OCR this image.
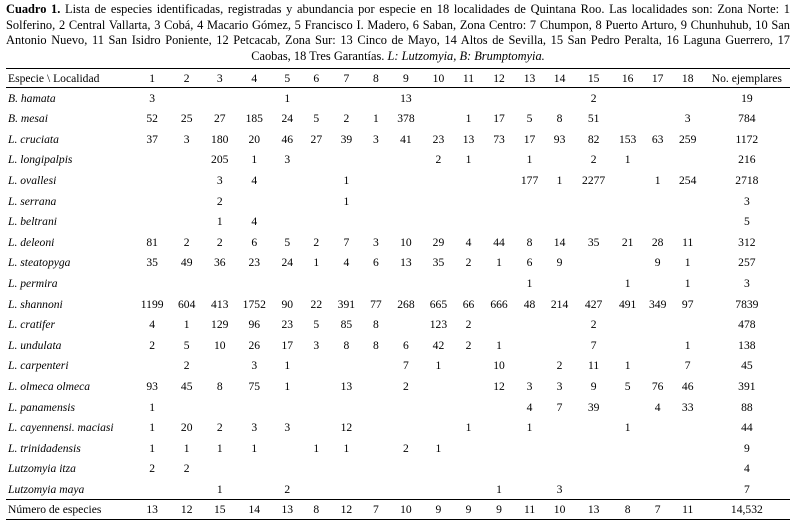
Cuadro 1. Lista de especies identificadas, registradas y abundancia por especie en 18 localidades de Quintana Roo. Las localidades son: Zona Norte: 1 Solferino, 2 Central Vallarta, 3 Cobá, 4 Macario Gómez, 5 Francisco I. Madero, 6 Saban, Zona Centro: 7 Chumpon, 8 Puerto Arturo, 9 Chunhuhub, 10 San Antonio Nuevo, 11 San Isidro Poniente, 12 Petcacab, Zona Sur: 13 Cinco de Mayo, 14 Altos de Sevilla, 15 San Pedro Peralta, 16 Laguna Guerrero, 17 Caobas, 18 Tres Garantías. L: Lutzomyia, B: Brumptomyia.

Especie \ Localidad	1	2	3	4	5	6	7	8	9	10	11	12	13	14	15	16	17	18	No. ejemplares
B. hamata	3				1				13						2				19
B. mesai	52	25	27	185	24	5	2	1	378		1	17	5	8	51			3	784
L. cruciata	37	3	180	20	46	27	39	3	41	23	13	73	17	93	82	153	63	259	1172
L. longipalpis			205	1	3					2	1		1		2	1			216
L. ovallesi			3	4			1						177	1	2277		1	254	2718
L. serrana			2				1												3
L. beltrani			1	4															5
L. deleoni	81	2	2	6	5	2	7	3	10	29	4	44	8	14	35	21	28	11	312
L. steatopyga	35	49	36	23	24	1	4	6	13	35	2	1	6	9			9	1	257
L. permira													1			1		1	3
L. shannoni	1199	604	413	1752	90	22	391	77	268	665	66	666	48	214	427	491	349	97	7839
L. cratifer	4	1	129	96	23	5	85	8		123	2				2				478
L. undulata	2	5	10	26	17	3	8	8	6	42	2	1			7			1	138
L. carpenteri		2		3	1				7	1		10		2	11	1		7	45
L. olmeca olmeca	93	45	8	75	1		13		2			12	3	3	9	5	76	46	391
L. panamensis	1												4	7	39		4	33	88
L. cayennensi. maciasi	1	20	2	3	3		12				1		1			1			44
L. trinidadensis	1	1	1	1		1	1		2	1									9
Lutzomyia itza	2	2																	4
Lutzomyia maya			1		2							1		3					7
Número de especies	13	12	15	14	13	8	12	7	10	9	9	9	11	10	13	8	7	11	14,532
